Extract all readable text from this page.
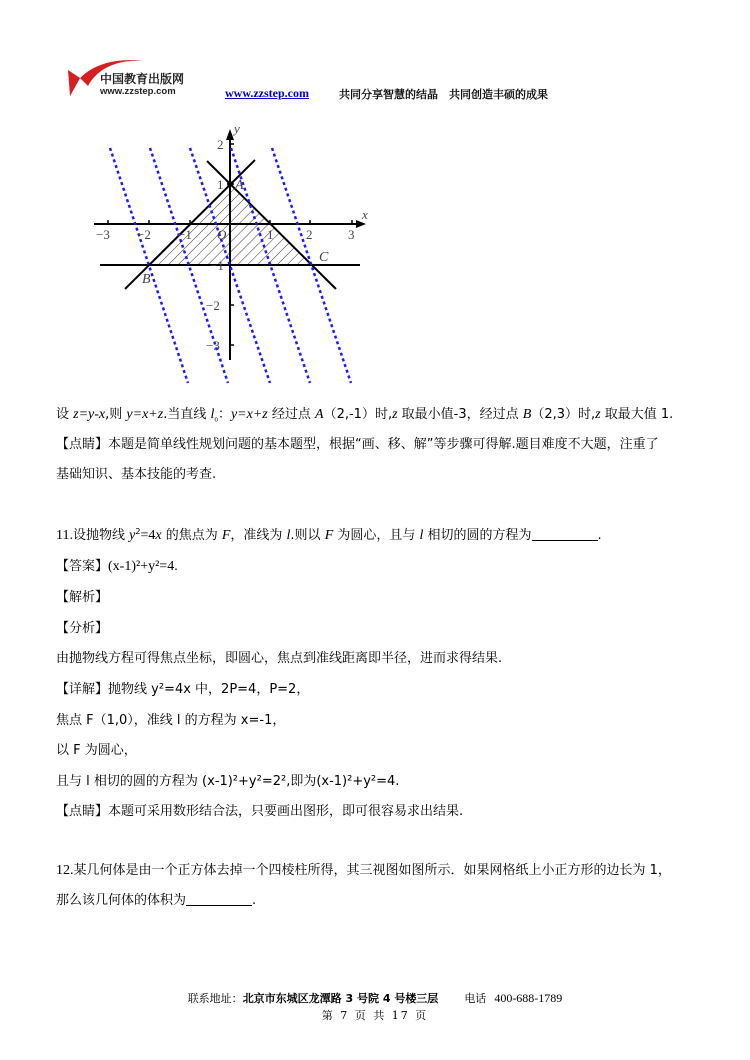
中国教育出版网
www.zzstep.com	www.zzstep.com	共同分享智慧的结晶　共同创造丰硕的成果
y
x
−3 −2 −1 O	1	2	3
2
1
−1
−2
−3
A
B
C
设 z=y-x,则 y=x+z.当直线 $l_{_0}$：y=x+z 经过点 A（2,-1）时,z 取最小值-3，经过点 B（2,3）时,z 取最大值 1.
【点睛】本题是简单线性规划问题的基本题型，根据“画、移、解”等步骤可得解.题目难度不大题，注重了
基础知识、基本技能的考查.
11.设抛物线 $y^2=4x$ 的焦点为 F，准线为 l.则以 F 为圆心，且与 l 相切的圆的方程为	.
【答案】(x-1)²+y²=4.
【解析】
【分析】
由抛物线方程可得焦点坐标，即圆心，焦点到准线距离即半径，进而求得结果.
【详解】抛物线 y²=4x 中，2P=4，P=2，
焦点 F（1,0），准线 l 的方程为 x=-1，
以 F 为圆心，
且与 l 相切的圆的方程为 (x-1)²+y²=2²,即为(x-1)²+y²=4.
【点睛】本题可采用数形结合法，只要画出图形，即可很容易求出结果.
12.某几何体是由一个正方体去掉一个四棱柱所得，其三视图如图所示．如果网格纸上小正方形的边长为 1，
那么该几何体的体积为	.
联系地址：北京市东城区龙潭路 3 号院 4 号楼三层 电话 400-688-1789
第 7 页 共 17 页
